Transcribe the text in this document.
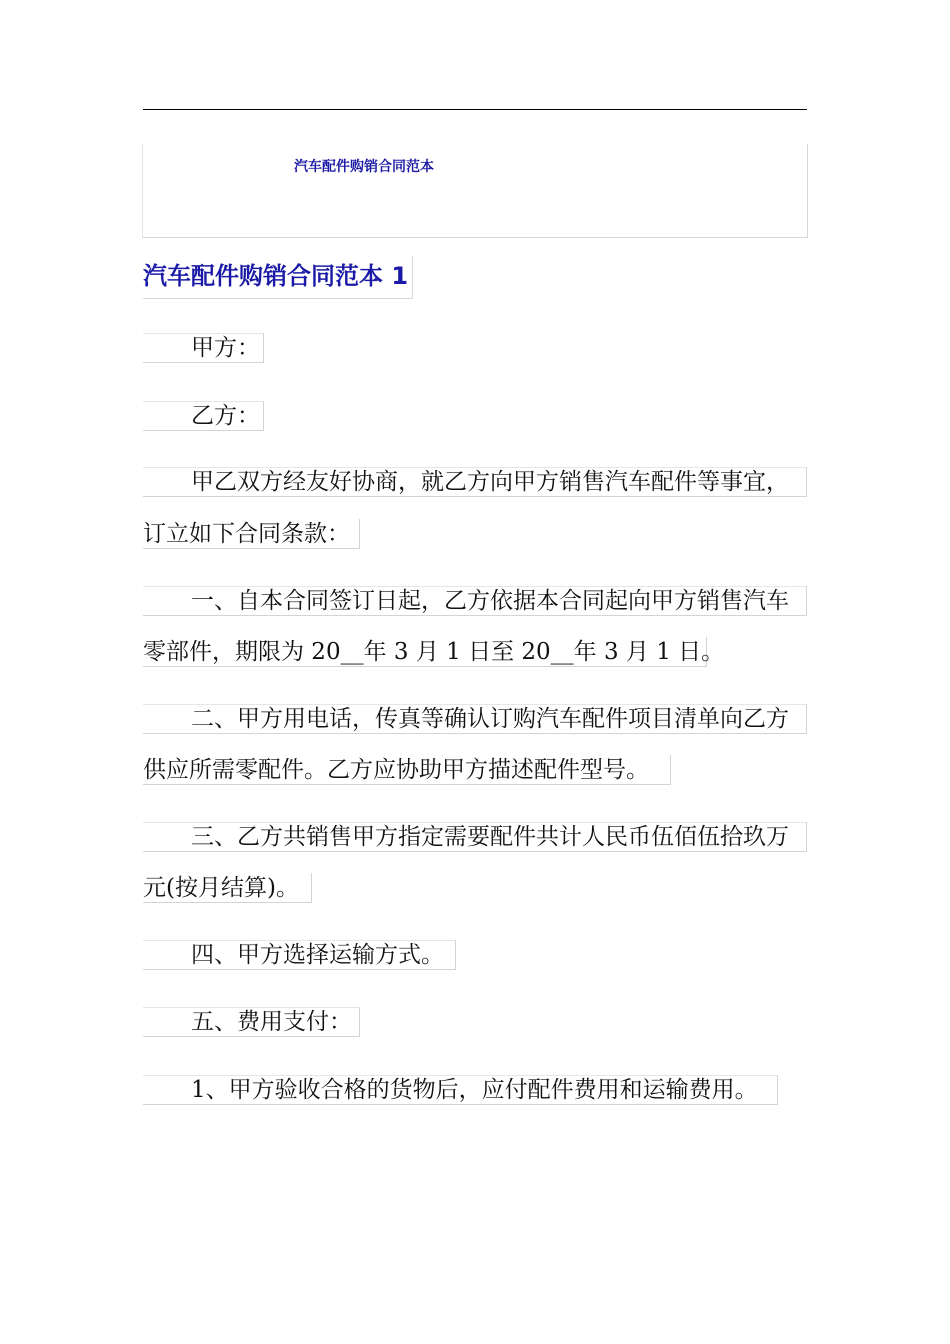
汽车配件购销合同范本
汽车配件购销合同范本 1
甲方：
乙方：
甲乙双方经友好协商，就乙方向甲方销售汽车配件等事宜，
订立如下合同条款：
一、自本合同签订日起，乙方依据本合同起向甲方销售汽车
零部件，期限为 20__年 3 月 1 日至 20__年 3 月 1 日。
二、甲方用电话，传真等确认订购汽车配件项目清单向乙方
供应所需零配件。乙方应协助甲方描述配件型号。
三、乙方共销售甲方指定需要配件共计人民币伍佰伍拾玖万
元(按月结算)。
四、甲方选择运输方式。
五、费用支付：
1、甲方验收合格的货物后，应付配件费用和运输费用。
